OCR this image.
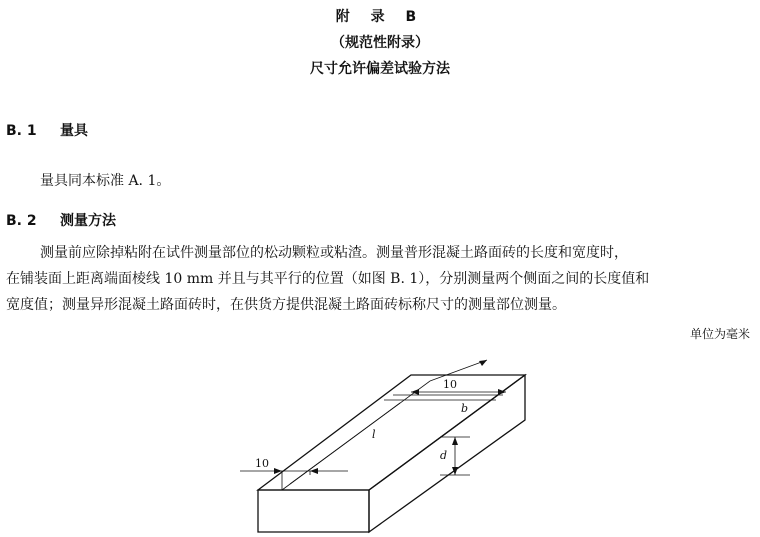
附 录 B
（规范性附录）
尺寸允许偏差试验方法
B. 1 量具
量具同本标准 A. 1。
B. 2 测量方法
测量前应除掉粘附在试件测量部位的松动颗粒或粘渣。测量普形混凝土路面砖的长度和宽度时，
在铺装面上距离端面棱线 10 mm 并且与其平行的位置（如图 B. 1），分别测量两个侧面之间的长度值和
宽度值；测量异形混凝土路面砖时，在供货方提供混凝土路面砖标称尺寸的测量部位测量。
单位为毫米
10
b
l
d
10
